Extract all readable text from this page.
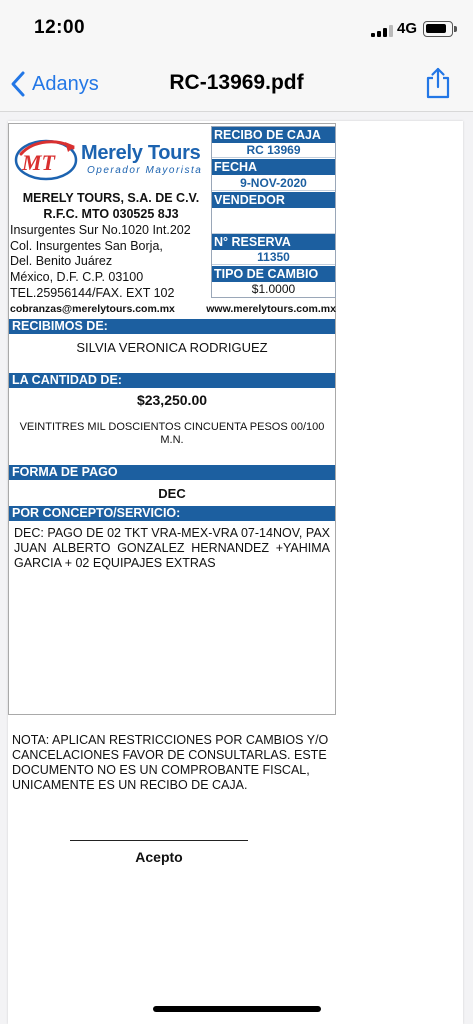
12:00	4G
Adanys	RC-13969.pdf
MT Merely Tours
Operador Mayorista
MERELY TOURS, S.A. DE C.V.
R.F.C. MTO 030525 8J3
Insurgentes Sur No.1020 Int.202
Col. Insurgentes San Borja,
Del. Benito Juárez
México, D.F. C.P. 03100
TEL.25956144/FAX. EXT 102
cobranzas@merelytours.com.mx	www.merelytours.com.mx
RECIBO DE CAJA
RC 13969
FECHA
9-NOV-2020
VENDEDOR
N° RESERVA
11350
TIPO DE CAMBIO
$1.0000
RECIBIMOS DE:
SILVIA VERONICA RODRIGUEZ
LA CANTIDAD DE:
$23,250.00
VEINTITRES MIL DOSCIENTOS CINCUENTA PESOS 00/100
M.N.
FORMA DE PAGO
DEC
POR CONCEPTO/SERVICIO:
DEC: PAGO DE 02 TKT VRA-MEX-VRA 07-14NOV, PAX JUAN ALBERTO GONZALEZ HERNANDEZ +YAHIMA GARCIA + 02 EQUIPAJES EXTRAS
NOTA: APLICAN RESTRICCIONES POR CAMBIOS Y/O CANCELACIONES FAVOR DE CONSULTARLAS. ESTE DOCUMENTO NO ES UN COMPROBANTE FISCAL, UNICAMENTE ES UN RECIBO DE CAJA.
Acepto
